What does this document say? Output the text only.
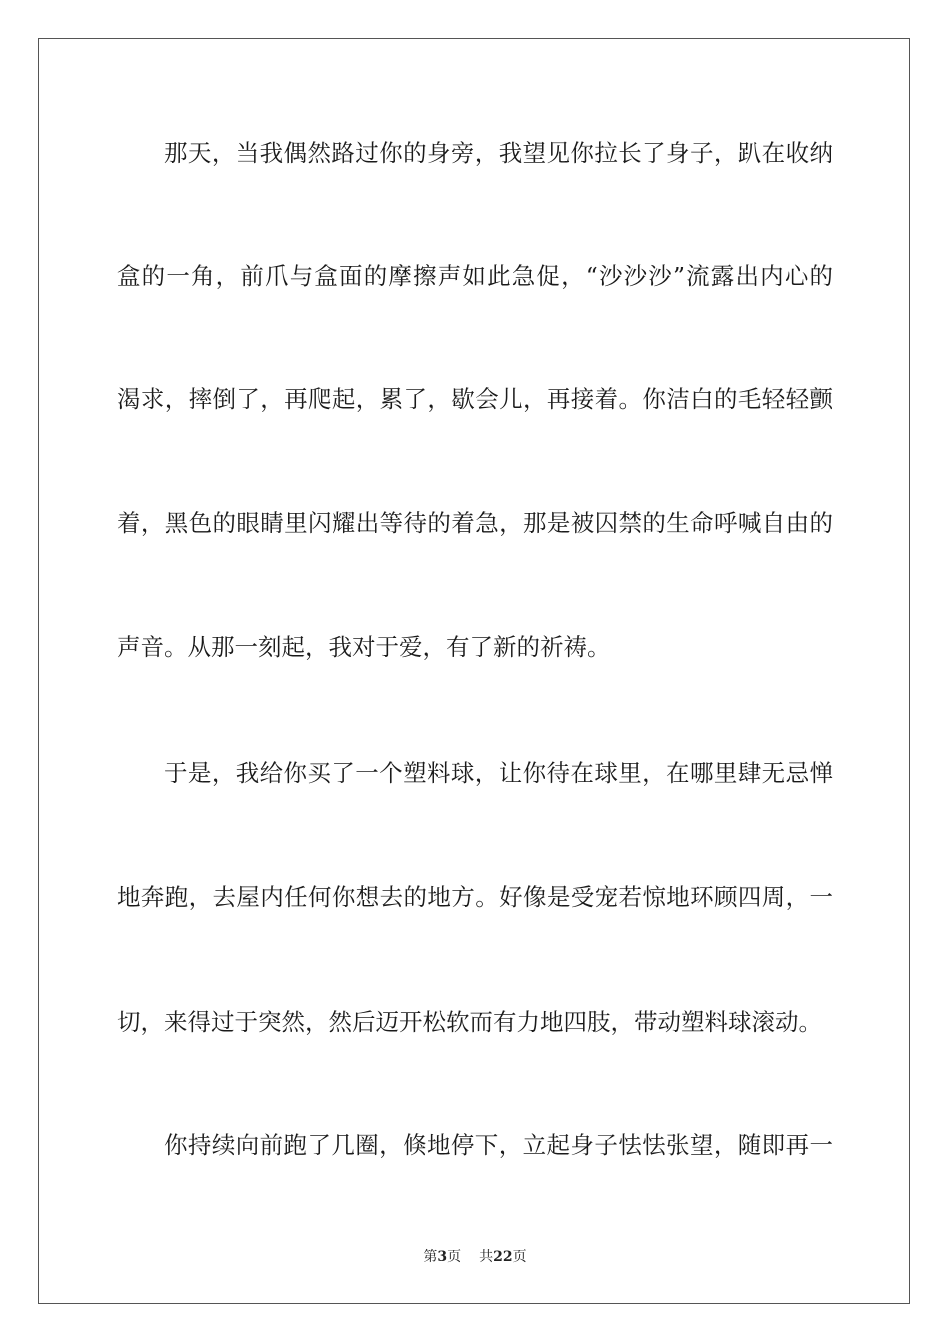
那天，当我偶然路过你的身旁，我望见你拉长了身子，趴在收纳
盒的一角，前爪与盒面的摩擦声如此急促，“沙沙沙”流露出内心的
渴求，摔倒了，再爬起，累了，歇会儿，再接着。你洁白的毛轻轻颤
着，黑色的眼睛里闪耀出等待的着急，那是被囚禁的生命呼喊自由的
声音。从那一刻起，我对于爱，有了新的祈祷。
于是，我给你买了一个塑料球，让你待在球里，在哪里肆无忌惮
地奔跑，去屋内任何你想去的地方。好像是受宠若惊地环顾四周，一
切，来得过于突然，然后迈开松软而有力地四肢，带动塑料球滚动。
你持续向前跑了几圈，倏地停下，立起身子怯怯张望，随即再一
第3页 共22页
